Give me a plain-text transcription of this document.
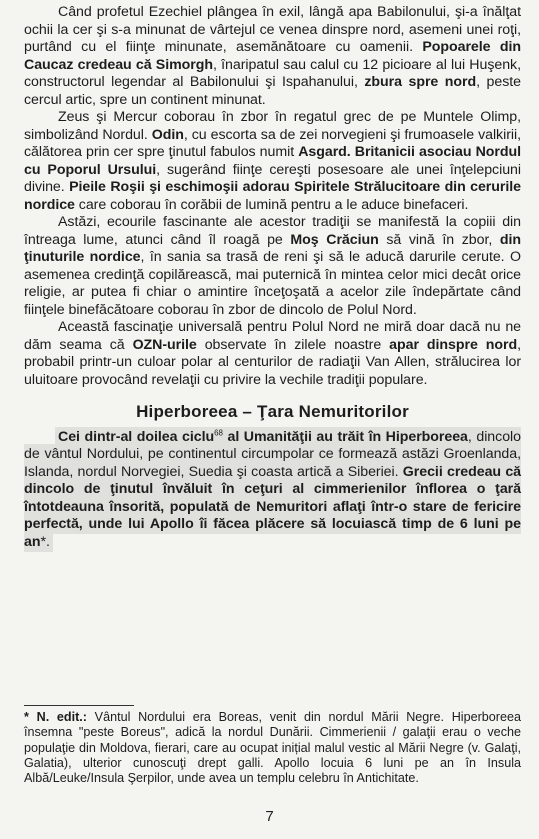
Când profetul Ezechiel plângea în exil, lângă apa Babilonului, şi-a înălţat ochii la cer şi s-a minunat de vârtejul ce venea dinspre nord, asemeni unei roţi, purtând cu el fiinţe minunate, asemănătoare cu oamenii. Popoarele din Caucaz credeau că Simorgh, înaripatul sau calul cu 12 picioare al lui Huşenk, constructorul legendar al Babilonului şi Ispahanului, zbura spre nord, peste cercul artic, spre un continent minunat.

Zeus şi Mercur coborau în zbor în regatul grec de pe Muntele Olimp, simbolizând Nordul. Odin, cu escorta sa de zei norvegieni şi frumoasele valkirii, călătorea prin cer spre ţinutul fabulos numit Asgard. Britanicii asociau Nordul cu Poporul Ursului, sugerând fiinţe cereşti posesoare ale unei înţelepciuni divine. Pieile Roşii şi eschimoşii adorau Spiritele Strălucitoare din cerurile nordice care coborau în corăbii de lumină pentru a le aduce binefaceri.

Astăzi, ecourile fascinante ale acestor tradiţii se manifestă la copiii din întreaga lume, atunci când îl roagă pe Moş Crăciun să vină în zbor, din ţinuturile nordice, în sania sa trasă de reni şi să le aducă darurile cerute. O asemenea credinţă copilărească, mai puternică în mintea celor mici decât orice religie, ar putea fi chiar o amintire înceţoşată a acelor zile îndepărtate când fiinţele binefăcătoare coborau în zbor de dincolo de Polul Nord.

Această fascinaţie universală pentru Polul Nord ne miră doar dacă nu ne dăm seama că OZN-urile observate în zilele noastre apar dinspre nord, probabil printr-un culoar polar al centurilor de radiaţii Van Allen, strălucirea lor uluitoare provocând revelaţii cu privire la vechile tradiţii populare.

Hiperboreea – Ţara Nemuritorilor

Cei dintr-al doilea ciclu$^{68}$ al Umanităţii au trăit în Hiperboreea, dincolo de vântul Nordului, pe continentul circumpolar ce formează astăzi Groenlanda, Islanda, nordul Norvegiei, Suedia şi coasta artică a Siberiei. Grecii credeau că dincolo de ţinutul învăluit în ceţuri al cimmerienilor înflorea o ţară întotdeauna însorită, populată de Nemuritori aflaţi într-o stare de fericire perfectă, unde lui Apollo îi făcea plăcere să locuiască timp de 6 luni pe an*.

* N. edit.: Vântul Nordului era Boreas, venit din nordul Mării Negre. Hiperboreea însemna "peste Boreus", adică la nordul Dunării. Cimmerienii / galaţii erau o veche populaţie din Moldova, fierari, care au ocupat inițial malul vestic al Mării Negre (v. Galaţi, Galatia), ulterior cunoscuţi drept galli. Apollo locuia 6 luni pe an în Insula Albă/Leuke/Insula Şerpilor, unde avea un templu celebru în Antichitate.
7
